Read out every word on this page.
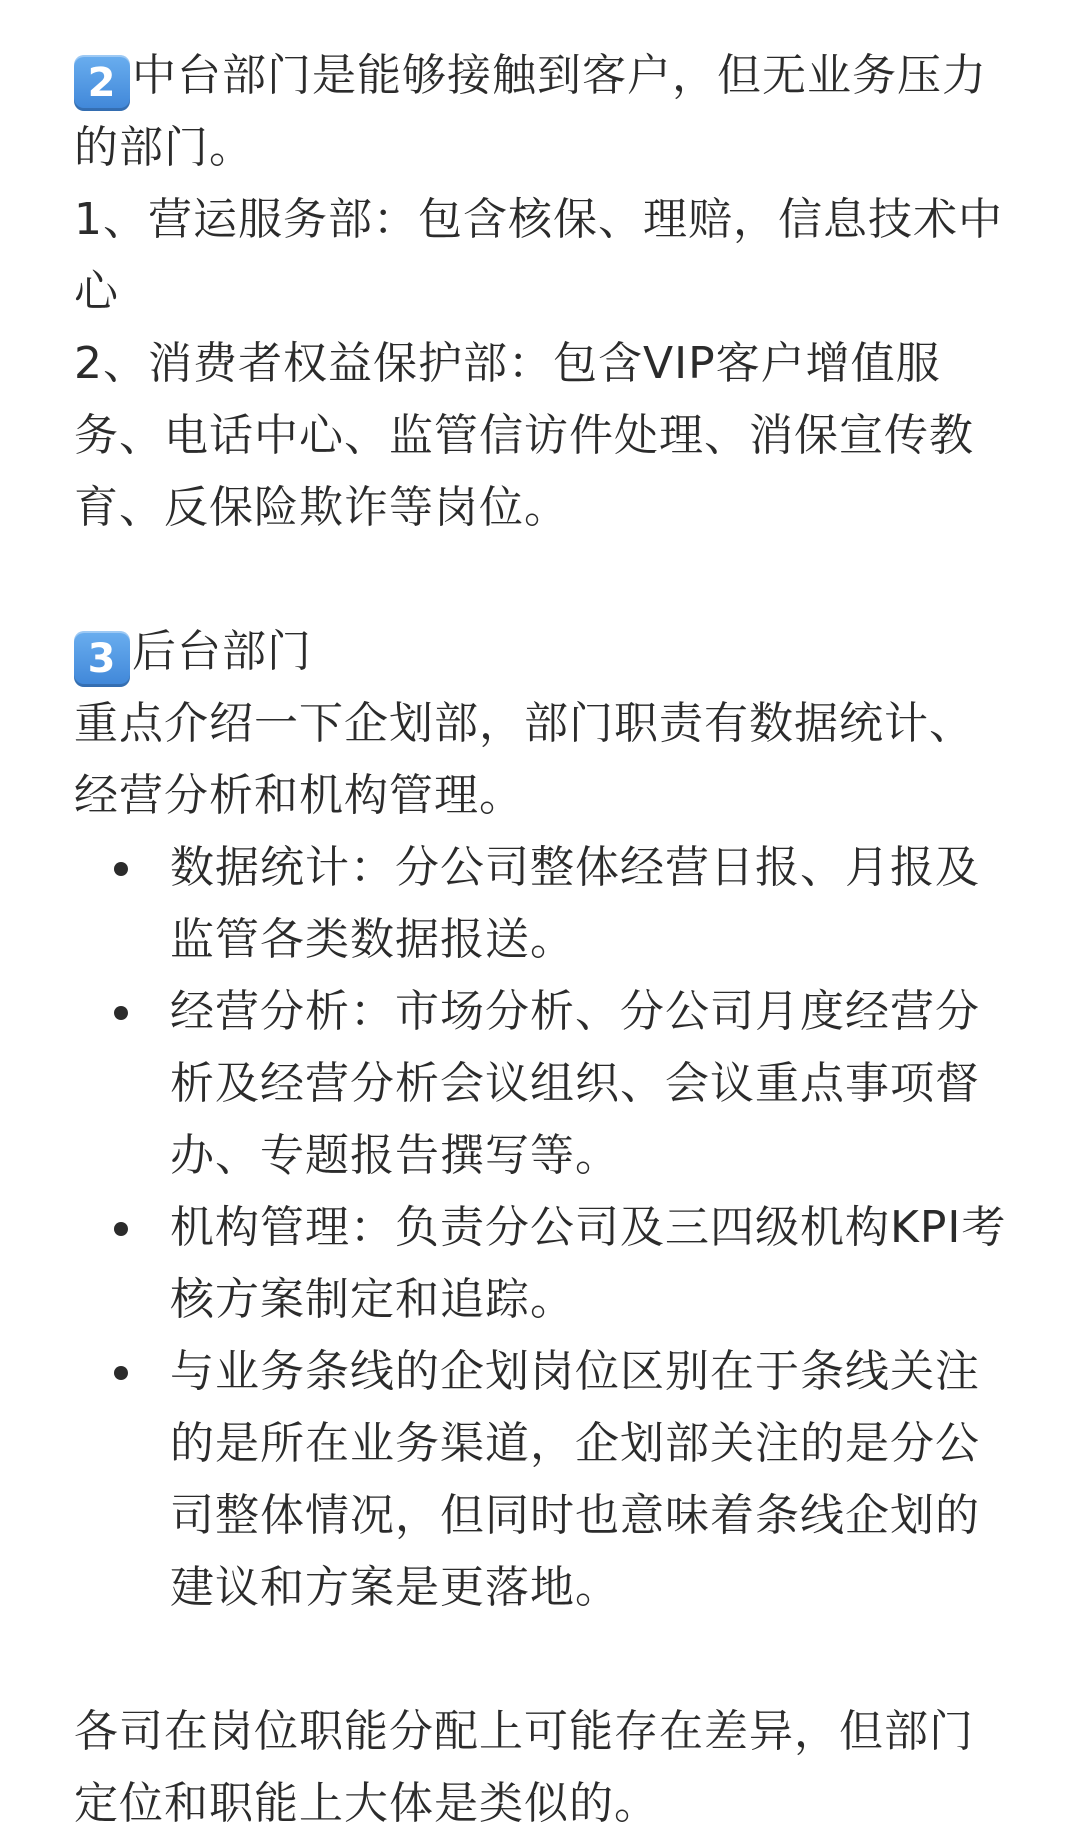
2 中台部门是能够接触到客户，但无业务压力的部门。

1、营运服务部：包含核保、理赔，信息技术中心

2、消费者权益保护部：包含VIP客户增值服务、电话中心、监管信访件处理、消保宣传教育、反保险欺诈等岗位。

3 后台部门

重点介绍一下企划部，部门职责有数据统计、经营分析和机构管理。

数据统计：分公司整体经营日报、月报及监管各类数据报送。
经营分析：市场分析、分公司月度经营分析及经营分析会议组织、会议重点事项督办、专题报告撰写等。
机构管理：负责分公司及三四级机构KPI考核方案制定和追踪。
与业务条线的企划岗位区别在于条线关注的是所在业务渠道，企划部关注的是分公司整体情况，但同时也意味着条线企划的建议和方案是更落地。

各司在岗位职能分配上可能存在差异，但部门定位和职能上大体是类似的。
